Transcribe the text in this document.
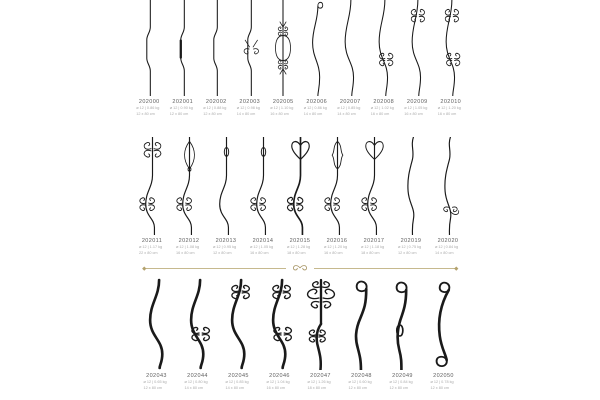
202000
⌀ 12 | 0.86 kg
12 x 80 cm
202001
⌀ 12 | 0.90 kg
12 x 80 cm
202002
⌀ 12 | 0.88 kg
12 x 80 cm
202003
⌀ 12 | 0.98 kg
14 x 80 cm
202005
⌀ 12 | 1.10 kg
16 x 80 cm
202006
⌀ 12 | 0.86 kg
14 x 80 cm
202007
⌀ 12 | 0.85 kg
14 x 80 cm
202008
⌀ 12 | 1.02 kg
16 x 80 cm
202009
⌀ 12 | 1.05 kg
16 x 80 cm
202010
⌀ 12 | 1.20 kg
16 x 80 cm
202011
⌀ 12 | 1.17 kg
22 x 80 cm
202012
⌀ 12 | 1.08 kg
16 x 80 cm
202013
⌀ 12 | 0.95 kg
12 x 80 cm
202014
⌀ 12 | 1.05 kg
16 x 80 cm
202015
⌀ 12 | 1.28 kg
18 x 80 cm
202016
⌀ 12 | 1.20 kg
16 x 80 cm
202017
⌀ 12 | 1.18 kg
18 x 80 cm
202019
⌀ 12 | 0.75 kg
12 x 80 cm
202020
⌀ 12 | 0.84 kg
14 x 80 cm
202043
⌀ 12 | 0.65 kg
12 x 80 cm
202044
⌀ 12 | 0.80 kg
14 x 80 cm
202045
⌀ 12 | 0.85 kg
14 x 80 cm
202046
⌀ 12 | 1.04 kg
16 x 80 cm
202047
⌀ 12 | 1.26 kg
18 x 80 cm
202048
⌀ 12 | 0.60 kg
12 x 80 cm
202049
⌀ 12 | 0.84 kg
12 x 80 cm
202050
⌀ 12 | 0.78 kg
12 x 80 cm
